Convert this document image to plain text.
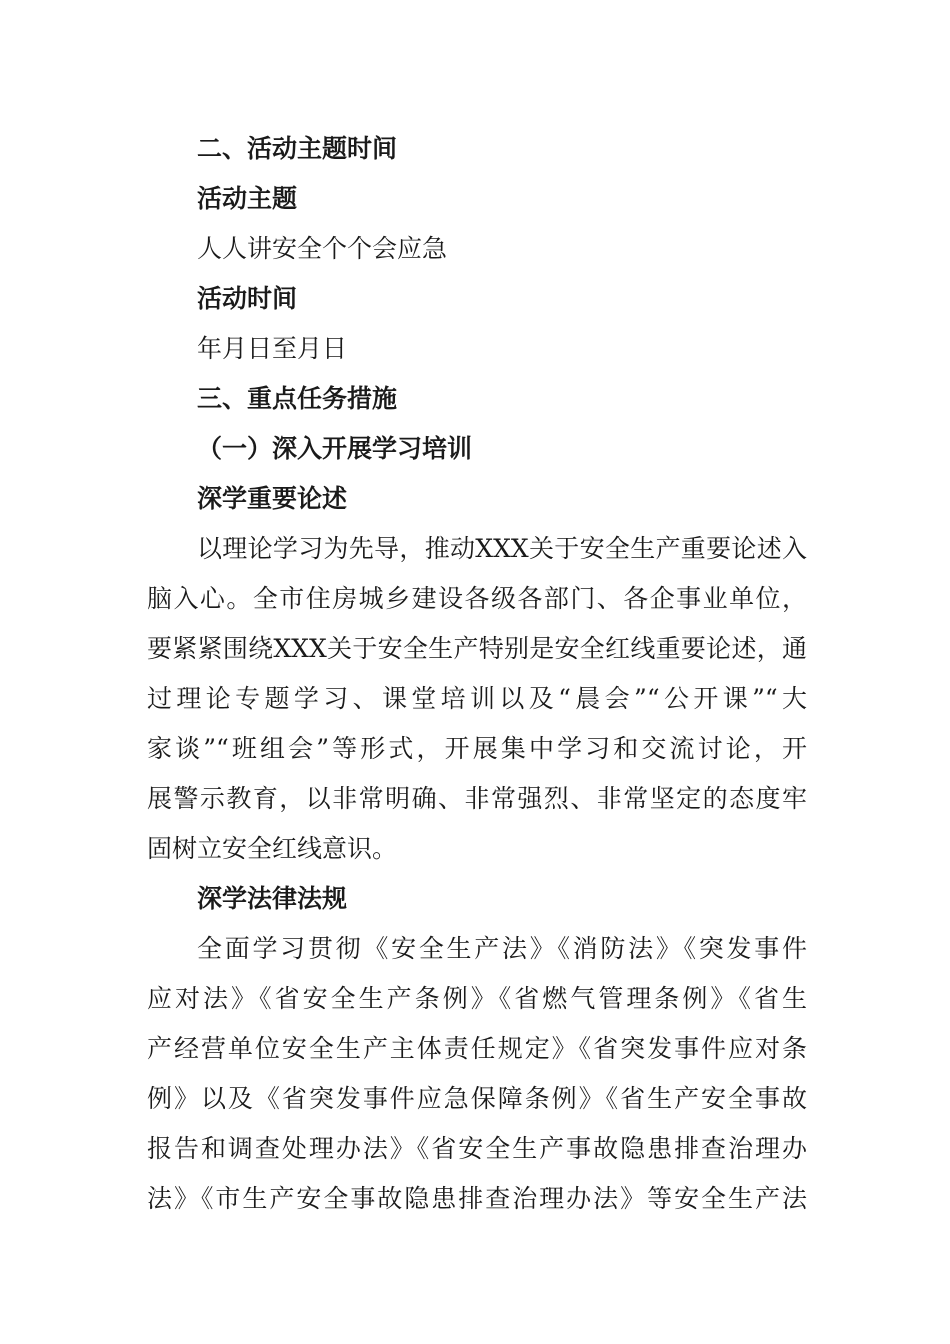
二、活动主题时间
活动主题
人人讲安全个个会应急
活动时间
年月日至月日
三、重点任务措施
（一）深入开展学习培训
深学重要论述
以理论学习为先导，推动XXX关于安全生产重要论述入
脑入心。全市住房城乡建设各级各部门、各企事业单位，
要紧紧围绕XXX关于安全生产特别是安全红线重要论述，通
过理论专题学习、课堂培训以及“晨会”“公开课”“大
家谈”“班组会”等形式，开展集中学习和交流讨论，开
展警示教育，以非常明确、非常强烈、非常坚定的态度牢
固树立安全红线意识。
深学法律法规
全面学习贯彻《安全生产法》《消防法》《突发事件
应对法》《省安全生产条例》《省燃气管理条例》《省生
产经营单位安全生产主体责任规定》《省突发事件应对条
例》以及《省突发事件应急保障条例》《省生产安全事故
报告和调查处理办法》《省安全生产事故隐患排查治理办
法》《市生产安全事故隐患排查治理办法》等安全生产法
